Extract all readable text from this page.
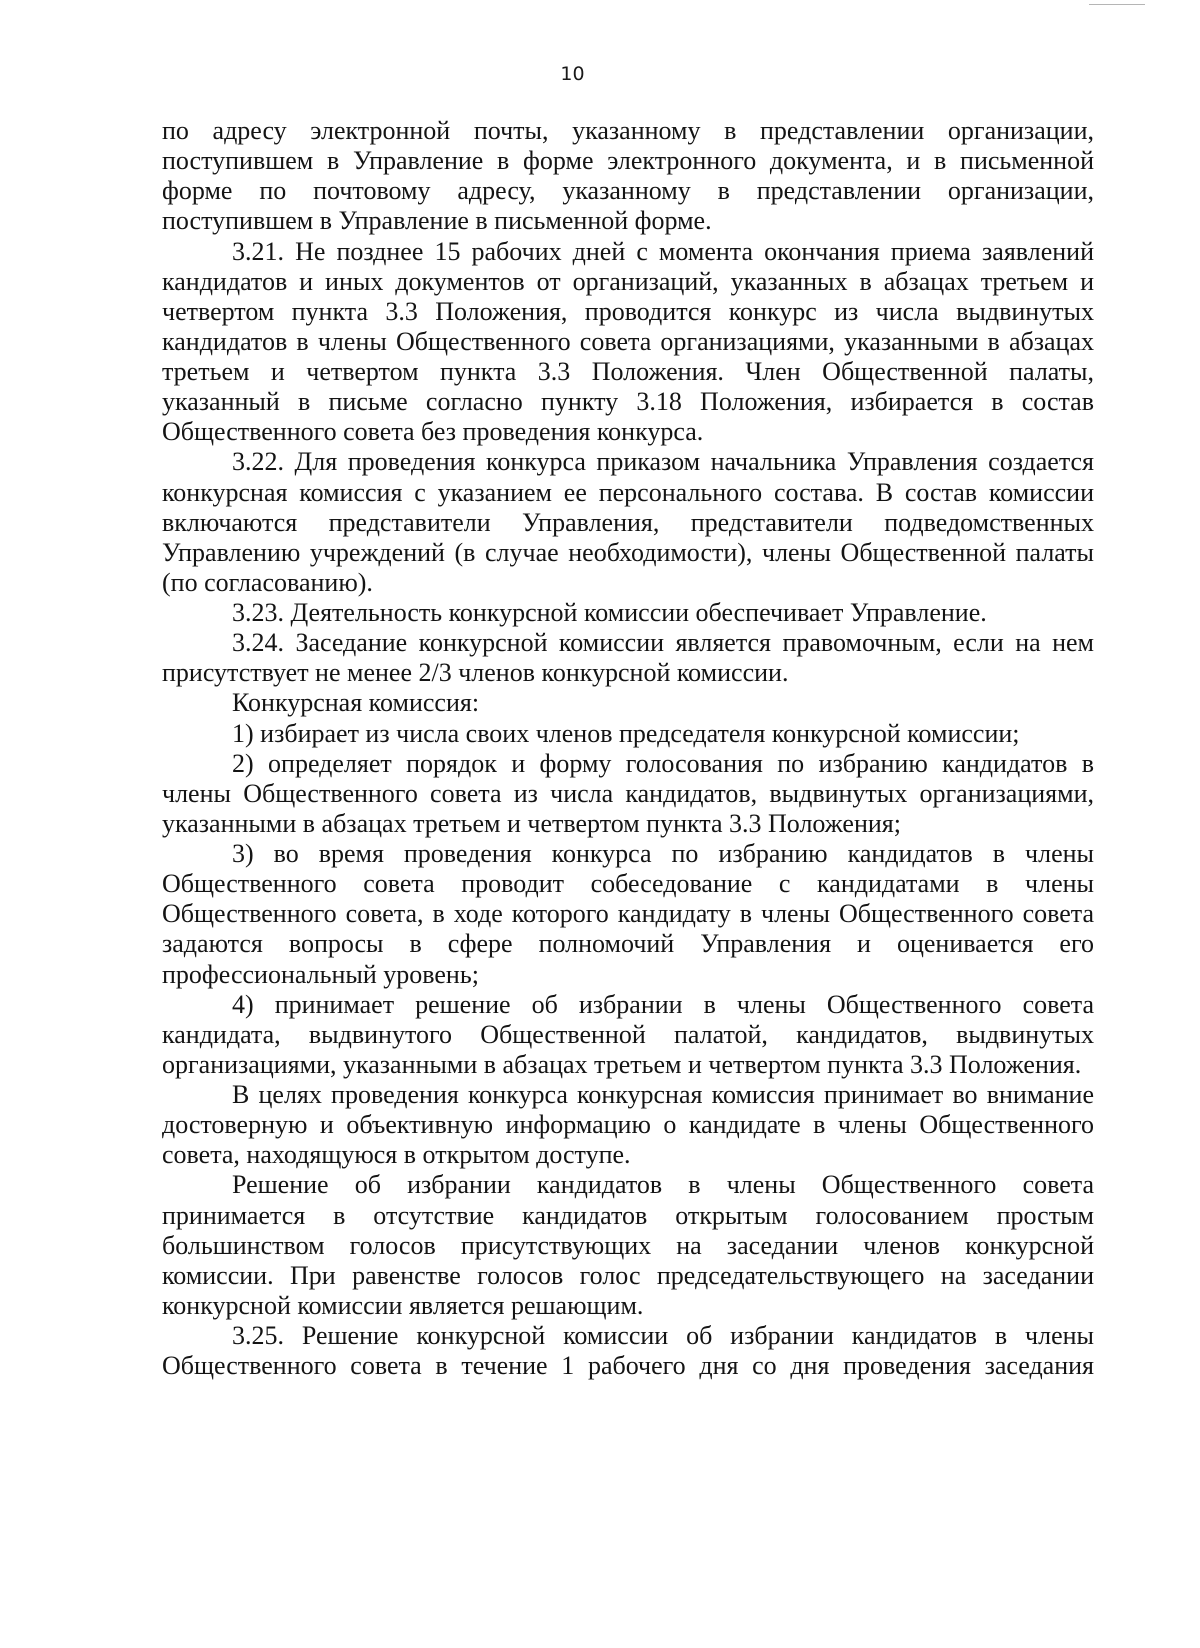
10

по адресу электронной почты, указанному в представлении организации, поступившем в Управление в форме электронного документа, и в письменной форме по почтовому адресу, указанному в представлении организации, поступившем в Управление в письменной форме.

3.21. Не позднее 15 рабочих дней с момента окончания приема заявлений кандидатов и иных документов от организаций, указанных в абзацах третьем и четвертом пункта 3.3 Положения, проводится конкурс из числа выдвинутых кандидатов в члены Общественного совета организациями, указанными в абзацах третьем и четвертом пункта 3.3 Положения. Член Общественной палаты, указанный в письме согласно пункту 3.18 Положения, избирается в состав Общественного совета без проведения конкурса.

3.22. Для проведения конкурса приказом начальника Управления создается конкурсная комиссия с указанием ее персонального состава. В состав комиссии включаются представители Управления, представители подведомственных Управлению учреждений (в случае необходимости), члены Общественной палаты (по согласованию).

3.23. Деятельность конкурсной комиссии обеспечивает Управление.

3.24. Заседание конкурсной комиссии является правомочным, если на нем присутствует не менее 2/3 членов конкурсной комиссии.

Конкурсная комиссия:

1) избирает из числа своих членов председателя конкурсной комиссии;

2) определяет порядок и форму голосования по избранию кандидатов в члены Общественного совета из числа кандидатов, выдвинутых организациями, указанными в абзацах третьем и четвертом пункта 3.3 Положения;

3) во время проведения конкурса по избранию кандидатов в члены Общественного совета проводит собеседование с кандидатами в члены Общественного совета, в ходе которого кандидату в члены Общественного совета задаются вопросы в сфере полномочий Управления и оценивается его профессиональный уровень;

4) принимает решение об избрании в члены Общественного совета кандидата, выдвинутого Общественной палатой, кандидатов, выдвинутых организациями, указанными в абзацах третьем и четвертом пункта 3.3 Положения.

В целях проведения конкурса конкурсная комиссия принимает во внимание достоверную и объективную информацию о кандидате в члены Общественного совета, находящуюся в открытом доступе.

Решение об избрании кандидатов в члены Общественного совета принимается в отсутствие кандидатов открытым голосованием простым большинством голосов присутствующих на заседании членов конкурсной комиссии. При равенстве голосов голос председательствующего на заседании конкурсной комиссии является решающим.

3.25. Решение конкурсной комиссии об избрании кандидатов в члены Общественного совета в течение 1 рабочего дня со дня проведения заседания
